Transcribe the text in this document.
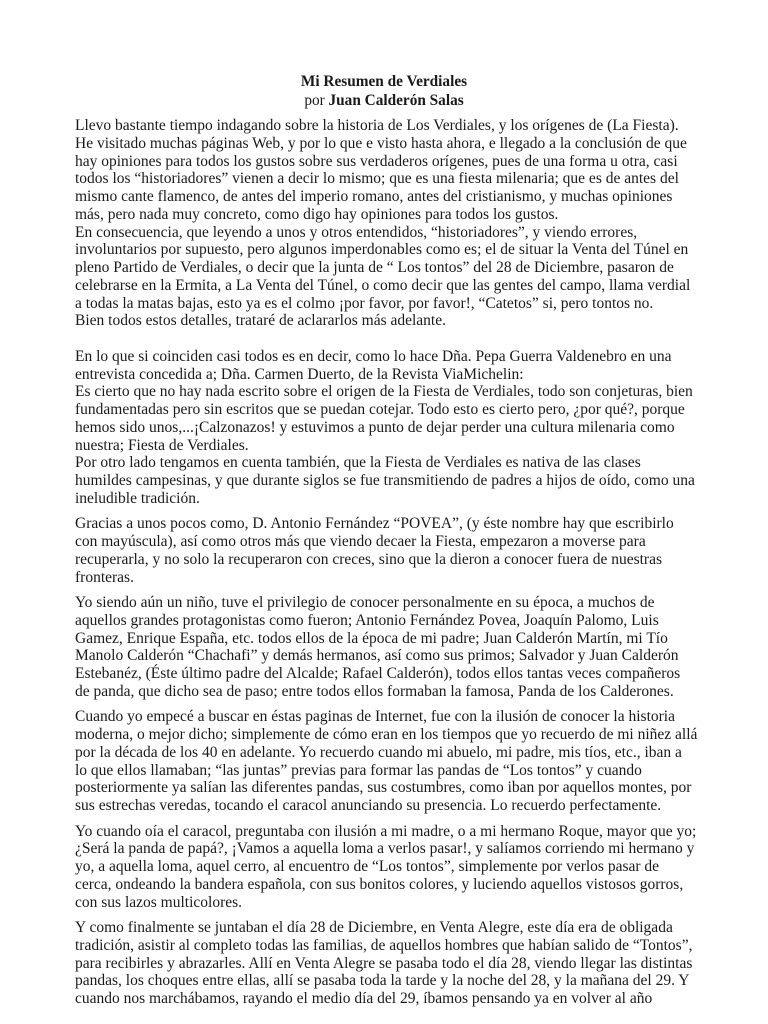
Mi Resumen de Verdiales
por Juan Calderón Salas
Llevo bastante tiempo indagando sobre la historia de Los Verdiales, y los orígenes de (La Fiesta).
He visitado muchas páginas Web, y por lo que e visto hasta ahora, e llegado a la conclusión de que
hay opiniones para todos los gustos sobre sus verdaderos orígenes, pues de una forma u otra, casi
todos los “historiadores” vienen a decir lo mismo; que es una fiesta milenaria; que es de antes del
mismo cante flamenco, de antes del imperio romano, antes del cristianismo, y muchas opiniones
más, pero nada muy concreto, como digo hay opiniones para todos los gustos.
En consecuencia, que leyendo a unos y otros entendidos, “historiadores”, y viendo errores,
involuntarios por supuesto, pero algunos imperdonables como es; el de situar la Venta del Túnel en
pleno Partido de Verdiales, o decir que la junta de “ Los tontos” del 28 de Diciembre, pasaron de
celebrarse en la Ermita, a La Venta del Túnel, o como decir que las gentes del campo, llama verdial
a todas la matas bajas, esto ya es el colmo ¡por favor, por favor!, “Catetos” si, pero tontos no.
Bien todos estos detalles, trataré de aclararlos más adelante.
En lo que si coinciden casi todos es en decir, como lo hace Dña. Pepa Guerra Valdenebro en una
entrevista concedida a; Dña. Carmen Duerto, de la Revista ViaMichelin:
Es cierto que no hay nada escrito sobre el origen de la Fiesta de Verdiales, todo son conjeturas, bien
fundamentadas pero sin escritos que se puedan cotejar. Todo esto es cierto pero, ¿por qué?, porque
hemos sido unos,...¡Calzonazos! y estuvimos a punto de dejar perder una cultura milenaria como
nuestra; Fiesta de Verdiales.
Por otro lado tengamos en cuenta también, que la Fiesta de Verdiales es nativa de las clases
humildes campesinas, y que durante siglos se fue transmitiendo de padres a hijos de oído, como una
ineludible tradición.
Gracias a unos pocos como, D. Antonio Fernández “POVEA”, (y éste nombre hay que escribirlo
con mayúscula), así como otros más que viendo decaer la Fiesta, empezaron a moverse para
recuperarla, y no solo la recuperaron con creces, sino que la dieron a conocer fuera de nuestras
fronteras.
Yo siendo aún un niño, tuve el privilegio de conocer personalmente en su época, a muchos de
aquellos grandes protagonistas como fueron; Antonio Fernández Povea, Joaquín Palomo, Luis
Gamez, Enrique España, etc. todos ellos de la época de mi padre; Juan Calderón Martín, mi Tío
Manolo Calderón “Chachafi” y demás hermanos, así como sus primos; Salvador y Juan Calderón
Estebanéz, (Éste último padre del Alcalde; Rafael Calderón), todos ellos tantas veces compañeros
de panda, que dicho sea de paso; entre todos ellos formaban la famosa, Panda de los Calderones.
Cuando yo empecé a buscar en éstas paginas de Internet, fue con la ilusión de conocer la historia
moderna, o mejor dicho; simplemente de cómo eran en los tiempos que yo recuerdo de mi niñez allá
por la década de los 40 en adelante. Yo recuerdo cuando mi abuelo, mi padre, mis tíos, etc., iban a
lo que ellos llamaban; “las juntas” previas para formar las pandas de “Los tontos” y cuando
posteriormente ya salían las diferentes pandas, sus costumbres, como iban por aquellos montes, por
sus estrechas veredas, tocando el caracol anunciando su presencia. Lo recuerdo perfectamente.
Yo cuando oía el caracol, preguntaba con ilusión a mi madre, o a mi hermano Roque, mayor que yo;
¿Será la panda de papá?, ¡Vamos a aquella loma a verlos pasar!, y salíamos corriendo mi hermano y
yo, a aquella loma, aquel cerro, al encuentro de “Los tontos”, simplemente por verlos pasar de
cerca, ondeando la bandera española, con sus bonitos colores, y luciendo aquellos vistosos gorros,
con sus lazos multicolores.
Y como finalmente se juntaban el día 28 de Diciembre, en Venta Alegre, este día era de obligada
tradición, asistir al completo todas las familias, de aquellos hombres que habían salido de “Tontos”,
para recibirles y abrazarles. Allí en Venta Alegre se pasaba todo el día 28, viendo llegar las distintas
pandas, los choques entre ellas, allí se pasaba toda la tarde y la noche del 28, y la mañana del 29. Y
cuando nos marchábamos, rayando el medio día del 29, íbamos pensando ya en volver al año
